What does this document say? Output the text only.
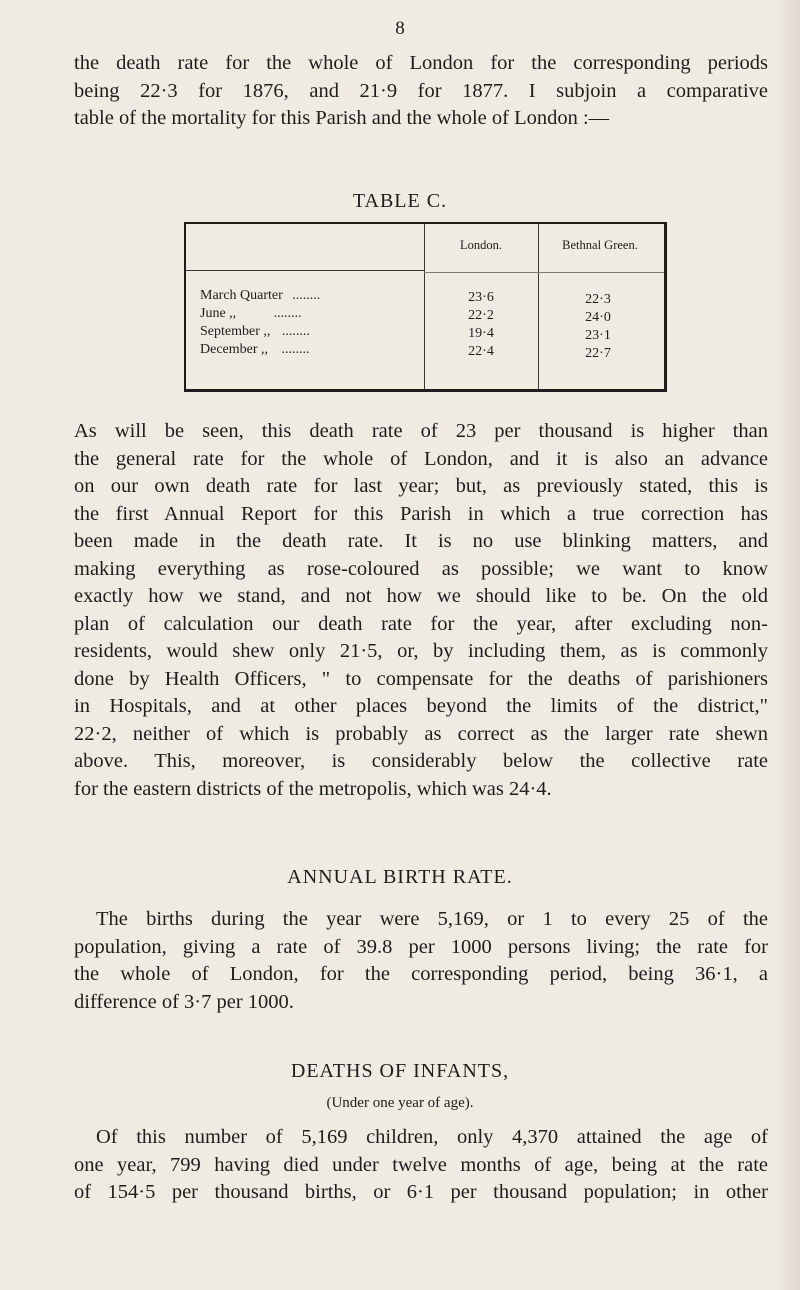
8
the death rate for the whole of London for the corresponding periods
being 22·3 for 1876, and 21·9 for 1877. I subjoin a comparative
table of the mortality for this Parish and the whole of London :—
TABLE C.
London.	Bethnal Green.
March Quarter ........	23·6	22·3
June ,,	........	22·2	24·0
September ,, ........	19·4	23·1
December ,, ........	22·4	22·7
As will be seen, this death rate of 23 per thousand is higher than
the general rate for the whole of London, and it is also an advance
on our own death rate for last year; but, as previously stated, this is
the first Annual Report for this Parish in which a true correction has
been made in the death rate. It is no use blinking matters, and
making everything as rose-coloured as possible; we want to know
exactly how we stand, and not how we should like to be. On the old
plan of calculation our death rate for the year, after excluding non-
residents, would shew only 21·5, or, by including them, as is commonly
done by Health Officers, " to compensate for the deaths of parishioners
in Hospitals, and at other places beyond the limits of the district,"
22·2, neither of which is probably as correct as the larger rate shewn
above. This, moreover, is considerably below the collective rate
for the eastern districts of the metropolis, which was 24·4.
ANNUAL BIRTH RATE.
The births during the year were 5,169, or 1 to every 25 of the
population, giving a rate of 39.8 per 1000 persons living; the rate for
the whole of London, for the corresponding period, being 36·1, a
difference of 3·7 per 1000.
DEATHS OF INFANTS,
(Under one year of age).
Of this number of 5,169 children, only 4,370 attained the age of
one year, 799 having died under twelve months of age, being at the rate
of 154·5 per thousand births, or 6·1 per thousand population; in other
